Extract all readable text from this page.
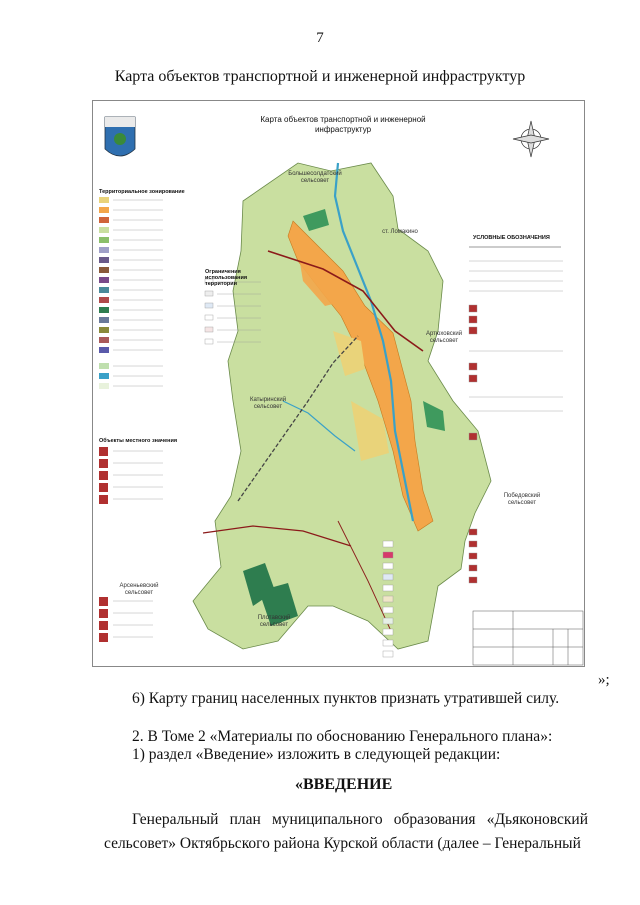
7
Карта объектов транспортной и инженерной инфраструктур
Карта объектов транспортной и инженерной инфраструктур
Территориальное зонирование
Объекты местного значения
Ограничения использования территории
УСЛОВНЫЕ ОБОЗНАЧЕНИЯ
Большесолдатский сельсовет
ст. Ломакино
Артюховский сельсовет
Катыринский сельсовет
Победовский сельсовет
Арсеньевский сельсовет
Плотавский сельсовет
»;
6) Карту границ населенных пунктов признать утратившей силу.
2. В Томе 2 «Материалы по обоснованию Генерального плана»:
1) раздел «Введение» изложить в следующей редакции:
«ВВЕДЕНИЕ
Генеральный план муниципального образования «Дьяконовский сельсовет» Октябрьского района Курской области (далее – Генеральный
